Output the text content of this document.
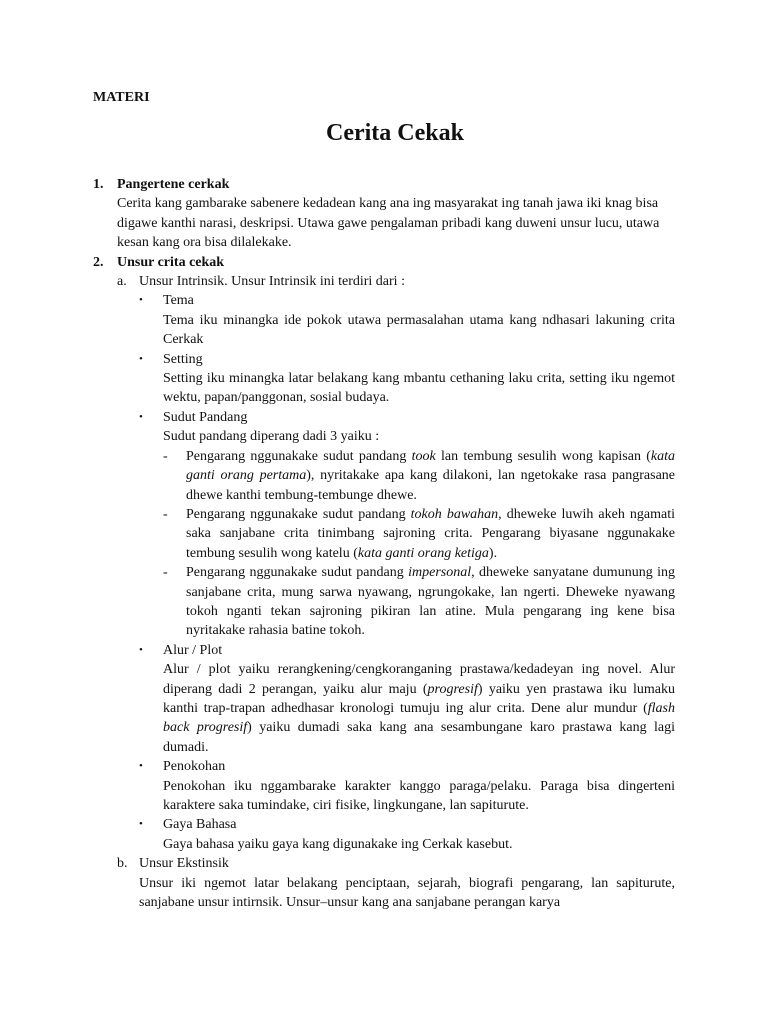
MATERI
Cerita Cekak
1. Pangertene cerkak

Cerita kang gambarake sabenere kedadean kang ana ing masyarakat ing tanah jawa iki knag bisa digawe kanthi narasi, deskripsi. Utawa gawe pengalaman pribadi kang duweni unsur lucu, utawa kesan kang ora bisa dilalekake.

2. Unsur crita cekak
a. Unsur Intrinsik. Unsur Intrinsik ini terdiri dari :
• Tema

Tema iku minangka ide pokok utawa permasalahan utama kang ndhasari lakuning crita Cerkak

• Setting

Setting iku minangka latar belakang kang mbantu cethaning laku crita, setting iku ngemot wektu, papan/panggonan, sosial budaya.

• Sudut Pandang

Sudut pandang diperang dadi 3 yaiku :

- Pengarang nggunakake sudut pandang took lan tembung sesulih wong kapisan (kata ganti orang pertama), nyritakake apa kang dilakoni, lan ngetokake rasa pangrasane dhewe kanthi tembung-tembunge dhewe.

- Pengarang nggunakake sudut pandang tokoh bawahan, dheweke luwih akeh ngamati saka sanjabane crita tinimbang sajroning crita. Pengarang biyasane nggunakake tembung sesulih wong katelu (kata ganti orang ketiga).

- Pengarang nggunakake sudut pandang impersonal, dheweke sanyatane dumunung ing sanjabane crita, mung sarwa nyawang, ngrungokake, lan ngerti. Dheweke nyawang tokoh nganti tekan sajroning pikiran lan atine. Mula pengarang ing kene bisa nyritakake rahasia batine tokoh.

• Alur / Plot

Alur / plot yaiku rerangkening/cengkoranganing prastawa/kedadeyan ing novel. Alur diperang dadi 2 perangan, yaiku alur maju (progresif) yaiku yen prastawa iku lumaku kanthi trap-trapan adhedhasar kronologi tumuju ing alur crita. Dene alur mundur (flash back progresif) yaiku dumadi saka kang ana sesambungane karo prastawa kang lagi dumadi.

• Penokohan

Penokohan iku nggambarake karakter kanggo paraga/pelaku. Paraga bisa dingerteni karaktere saka tumindake, ciri fisike, lingkungane, lan sapiturute.

• Gaya Bahasa

Gaya bahasa yaiku gaya kang digunakake ing Cerkak kasebut.

b. Unsur Ekstinsik

Unsur iki ngemot latar belakang penciptaan, sejarah, biografi pengarang, lan sapiturute, sanjabane unsur intirnsik. Unsur–unsur kang ana sanjabane perangan karya
